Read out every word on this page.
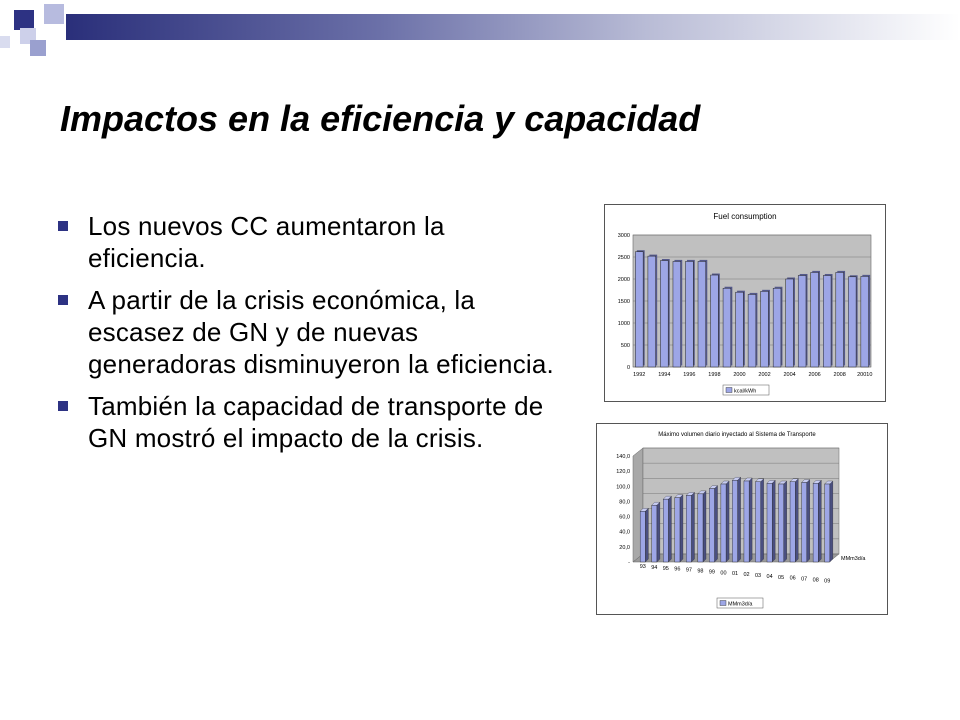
Impactos en la eficiencia y capacidad
Los nuevos CC aumentaron la eficiencia.
A partir de la crisis económica, la escasez de GN y de nuevas generadoras disminuyeron la eficiencia.
También la capacidad de transporte de GN mostró el impacto de la crisis.
Fuel consumption
0
500
1000
1500
2000
2500
3000
1992 1994 1996 1998 2000 2002 2004 2006 2008 20010
kcal/kWh
Máximo volumen diario inyectado al Sistema de Transporte
-
20,0
40,0
60,0
80,0
100,0
120,0
140,0
93 94 95 96 97 98 99 00 01 02 03 04 05 06 07 08 09
MMm3d/a
MMm3d/a
